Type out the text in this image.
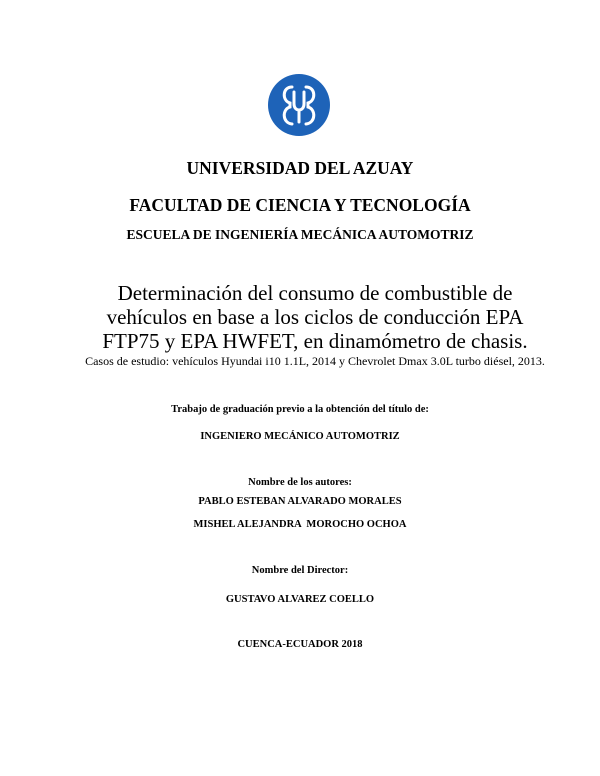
UNIVERSIDAD DEL AZUAY

FACULTAD DE CIENCIA Y TECNOLOGÍA

ESCUELA DE INGENIERÍA MECÁNICA AUTOMOTRIZ

Determinación del consumo de combustible de vehículos en base a los ciclos de conducción EPA FTP75 y EPA HWFET, en dinamómetro de chasis.

Casos de estudio: vehículos Hyundai i10 1.1L, 2014 y Chevrolet Dmax 3.0L turbo diésel, 2013.

Trabajo de graduación previo a la obtención del título de:

INGENIERO MECÁNICO AUTOMOTRIZ

Nombre de los autores:

PABLO ESTEBAN ALVARADO MORALES

MISHEL ALEJANDRA  MOROCHO OCHOA

Nombre del Director:

GUSTAVO ALVAREZ COELLO

CUENCA-ECUADOR 2018
